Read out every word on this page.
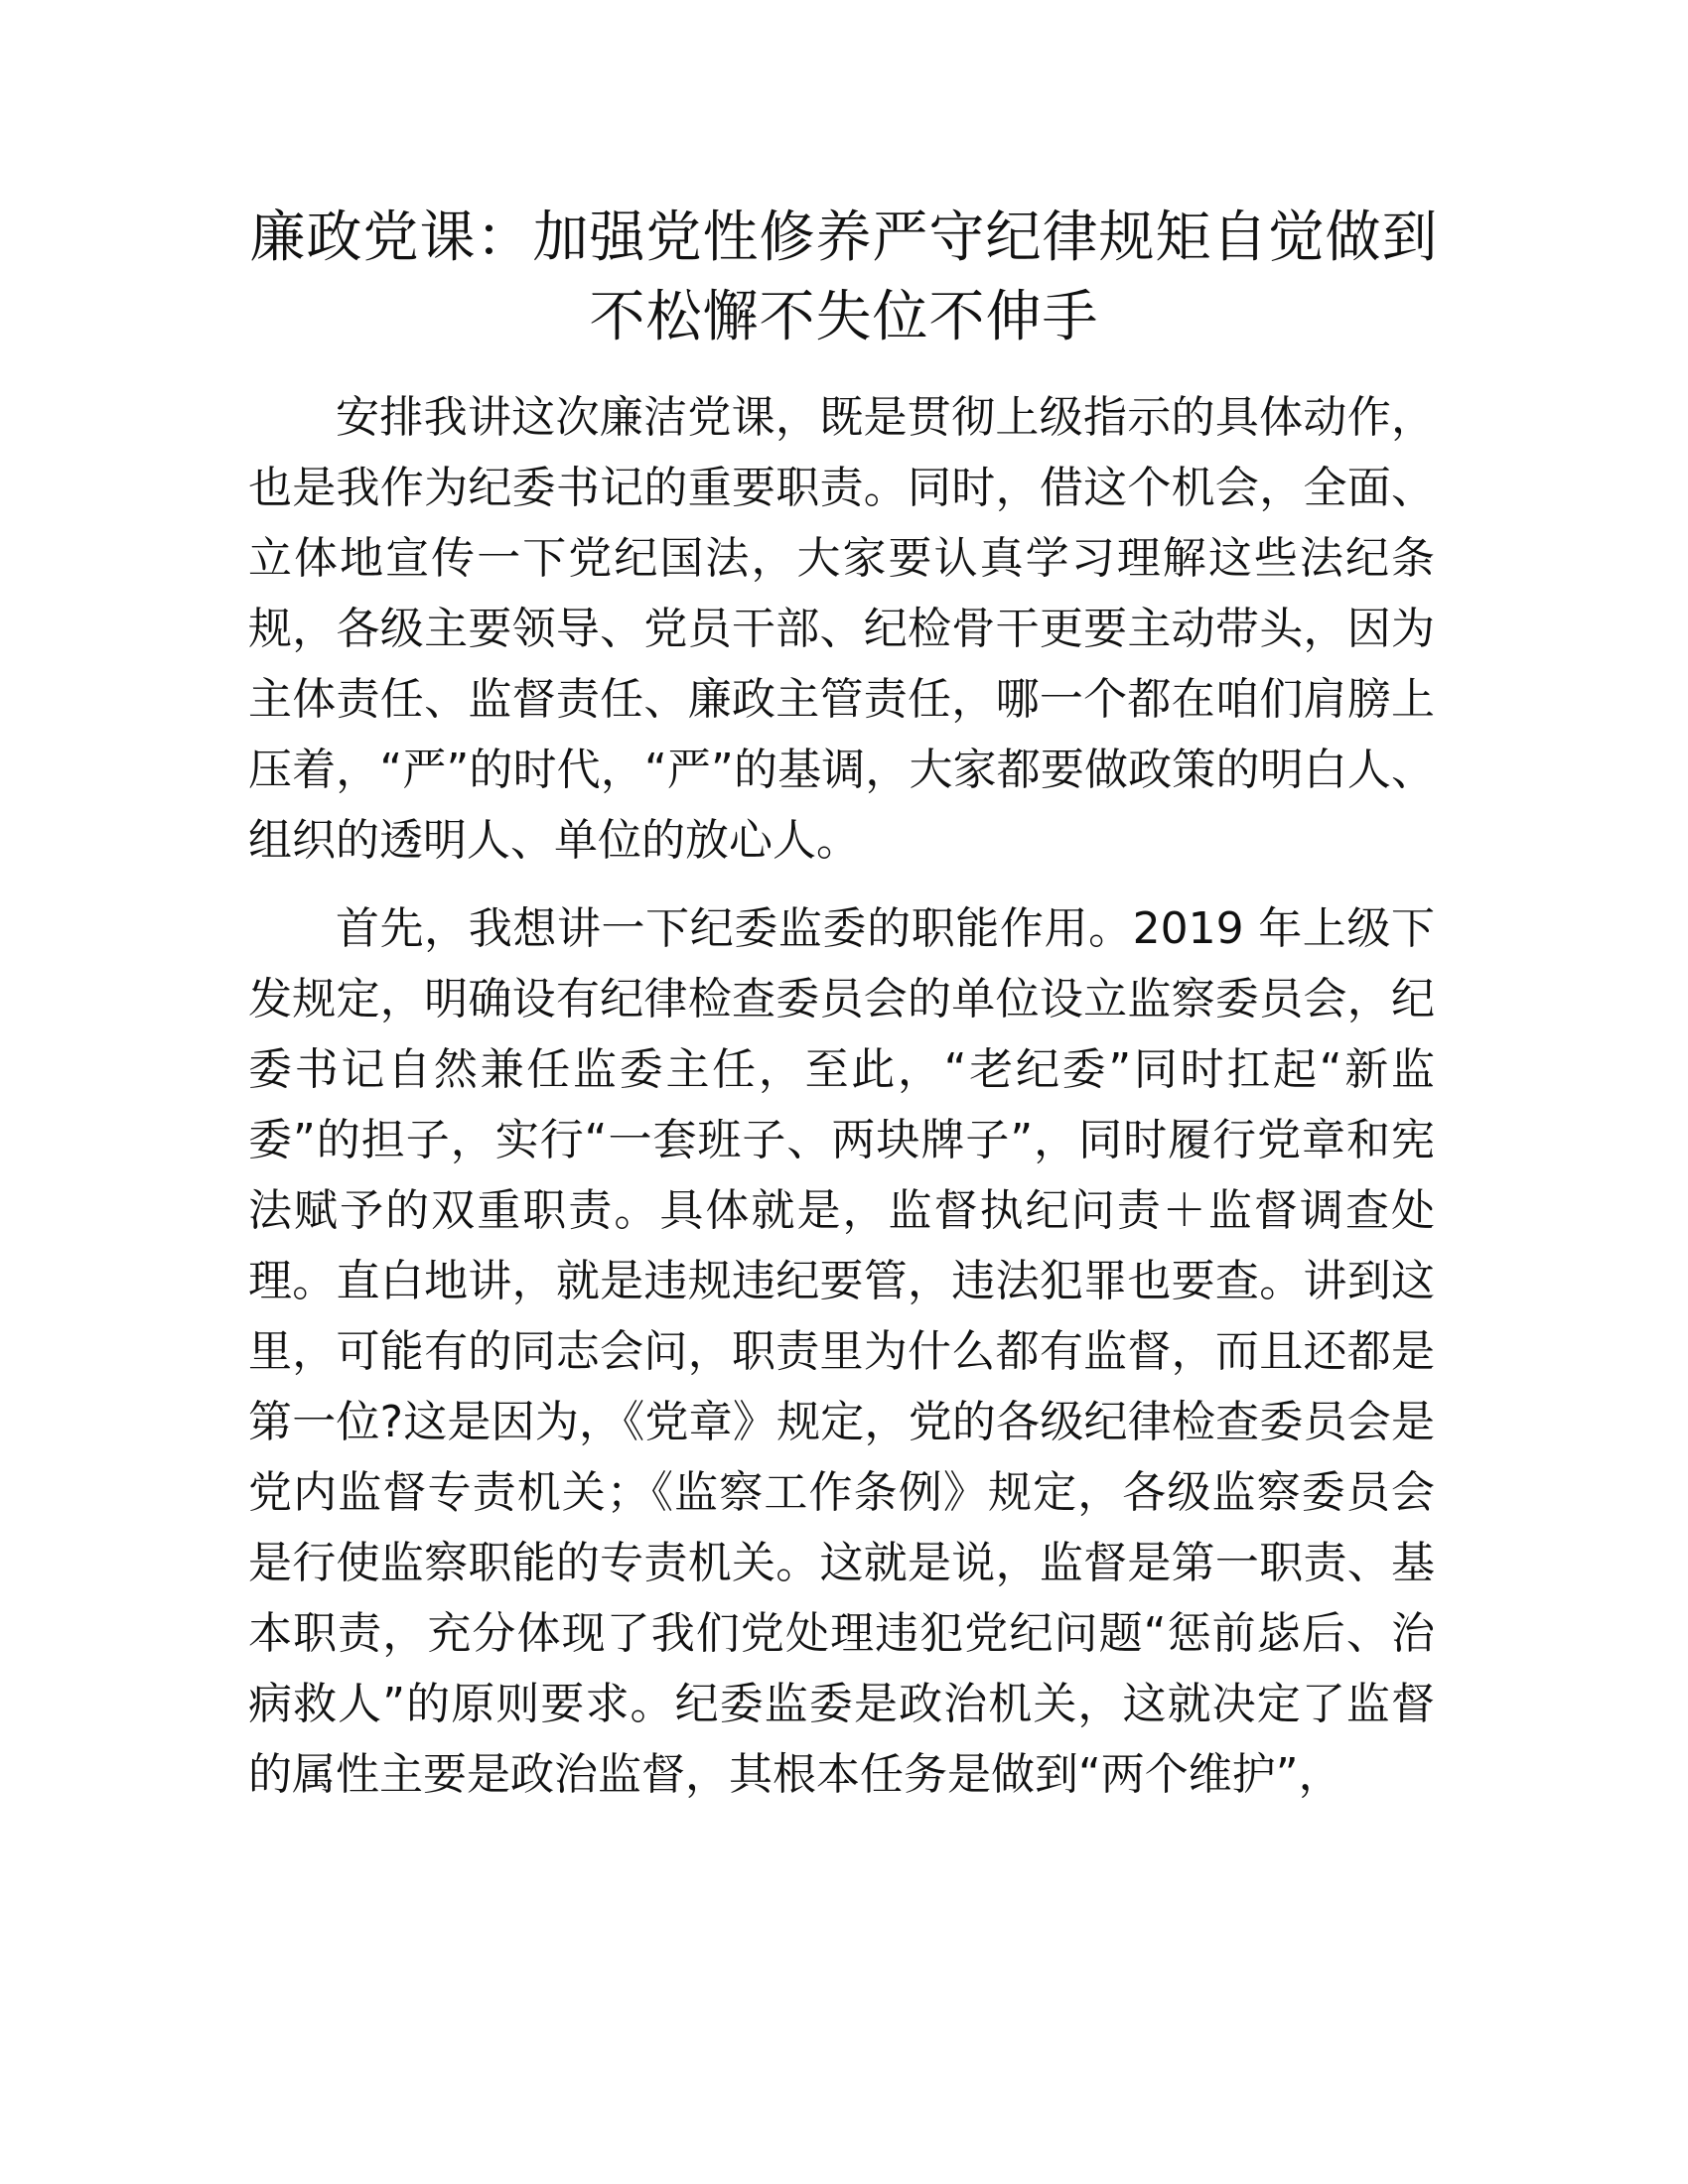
廉政党课：加强党性修养严守纪律规矩自觉做到不松懈不失位不伸手

安排我讲这次廉洁党课，既是贯彻上级指示的具体动作，也是我作为纪委书记的重要职责。同时，借这个机会，全面、立体地宣传一下党纪国法，大家要认真学习理解这些法纪条规，各级主要领导、党员干部、纪检骨干更要主动带头，因为主体责任、监督责任、廉政主管责任，哪一个都在咱们肩膀上压着，“严”的时代，“严”的基调，大家都要做政策的明白人、组织的透明人、单位的放心人。

首先，我想讲一下纪委监委的职能作用。2019 年上级下发规定，明确设有纪律检查委员会的单位设立监察委员会，纪委书记自然兼任监委主任，至此，“老纪委”同时扛起“新监委”的担子，实行“一套班子、两块牌子”，同时履行党章和宪法赋予的双重职责。具体就是，监督执纪问责＋监督调查处理。直白地讲，就是违规违纪要管，违法犯罪也要查。讲到这里，可能有的同志会问，职责里为什么都有监督，而且还都是第一位?这是因为，《党章》规定，党的各级纪律检查委员会是党内监督专责机关；《监察工作条例》规定，各级监察委员会是行使监察职能的专责机关。这就是说，监督是第一职责、基本职责，充分体现了我们党处理违犯党纪问题“惩前毖后、治病救人”的原则要求。纪委监委是政治机关，这就决定了监督的属性主要是政治监督，其根本任务是做到“两个维护”，
